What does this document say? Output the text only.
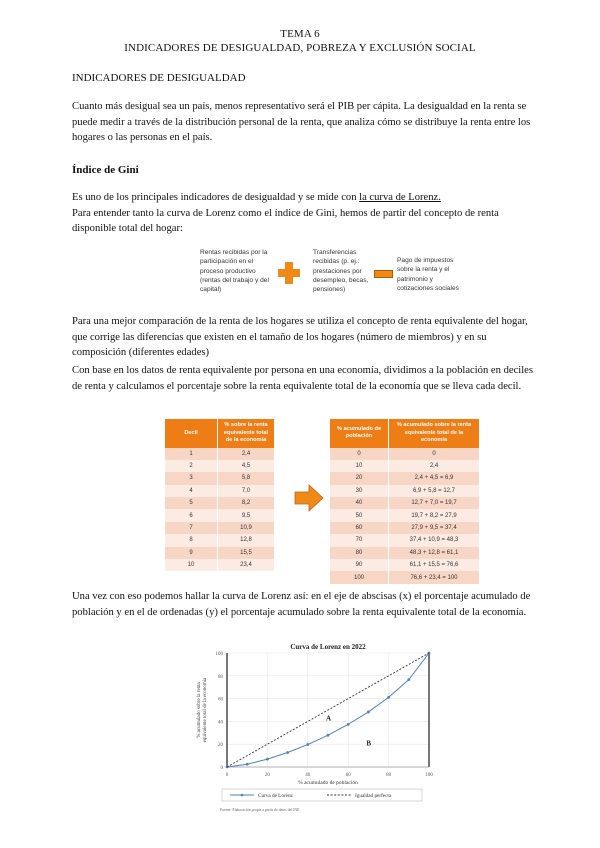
TEMA 6
INDICADORES DE DESIGUALDAD, POBREZA Y EXCLUSIÓN SOCIAL
INDICADORES DE DESIGUALDAD
Cuanto más desigual sea un país, menos representativo será el PIB per cápita. La desigualdad en la renta se puede medir a través de la distribución personal de la renta, que analiza cómo se distribuye la renta entre los hogares o las personas en el país.
Índice de Gini
Es uno de los principales indicadores de desigualdad y se mide con la curva de Lorenz.
Para entender tanto la curva de Lorenz como el índice de Gini, hemos de partir del concepto de renta disponible total del hogar:
Rentas recibidas por la participación en el proceso productivo (rentas del trabajo y del capital)
Transferencias recibidas (p. ej.: prestaciones por desempleo, becas, pensiones)
Pago de impuestos sobre la renta y el patrimonio y cotizaciones sociales
Para una mejor comparación de la renta de los hogares se utiliza el concepto de renta equivalente del hogar, que corrige las diferencias que existen en el tamaño de los hogares (número de miembros) y en su composición (diferentes edades)
Con base en los datos de renta equivalente por persona en una economía, dividimos a la población en deciles de renta y calculamos el porcentaje sobre la renta equivalente total de la economía que se lleva cada decil.
Decil	% sobre la renta equivalente total de la economía
1	2,4
2	4,5
3	5,8
4	7,0
5	8,2
6	9,5
7	10,9
8	12,8
9	15,5
10	23,4
% acumulado de población	% acumulado sobre la renta equivalente total de la economía
0	0
10	2,4
20	2,4 + 4,5 = 6,9
30	6,9 + 5,8 = 12,7
40	12,7 + 7,0 = 19,7
50	19,7 + 8,2 = 27,9
60	27,9 + 9,5 = 37,4
70	37,4 + 10,9 = 48,3
80	48,3 + 12,8 = 61,1
90	61,1 + 15,5 = 76,6
100	76,6 + 23,4 = 100
Una vez con eso podemos hallar la curva de Lorenz así: en el eje de abscisas (x) el porcentaje acumulado de población y en el de ordenadas (y) el porcentaje acumulado sobre la renta equivalente total de la economía.
Curva de Lorenz en 2022
0
20
40
60
80
100
0	20	40	60	80	100
% acumulado de población
% acumulado sobre la rentaequivalente total de la economía	A
B
Curva de Lorenz	Igualdad perfecta
Fuente: Elaboración propia a partir de datos del INE
